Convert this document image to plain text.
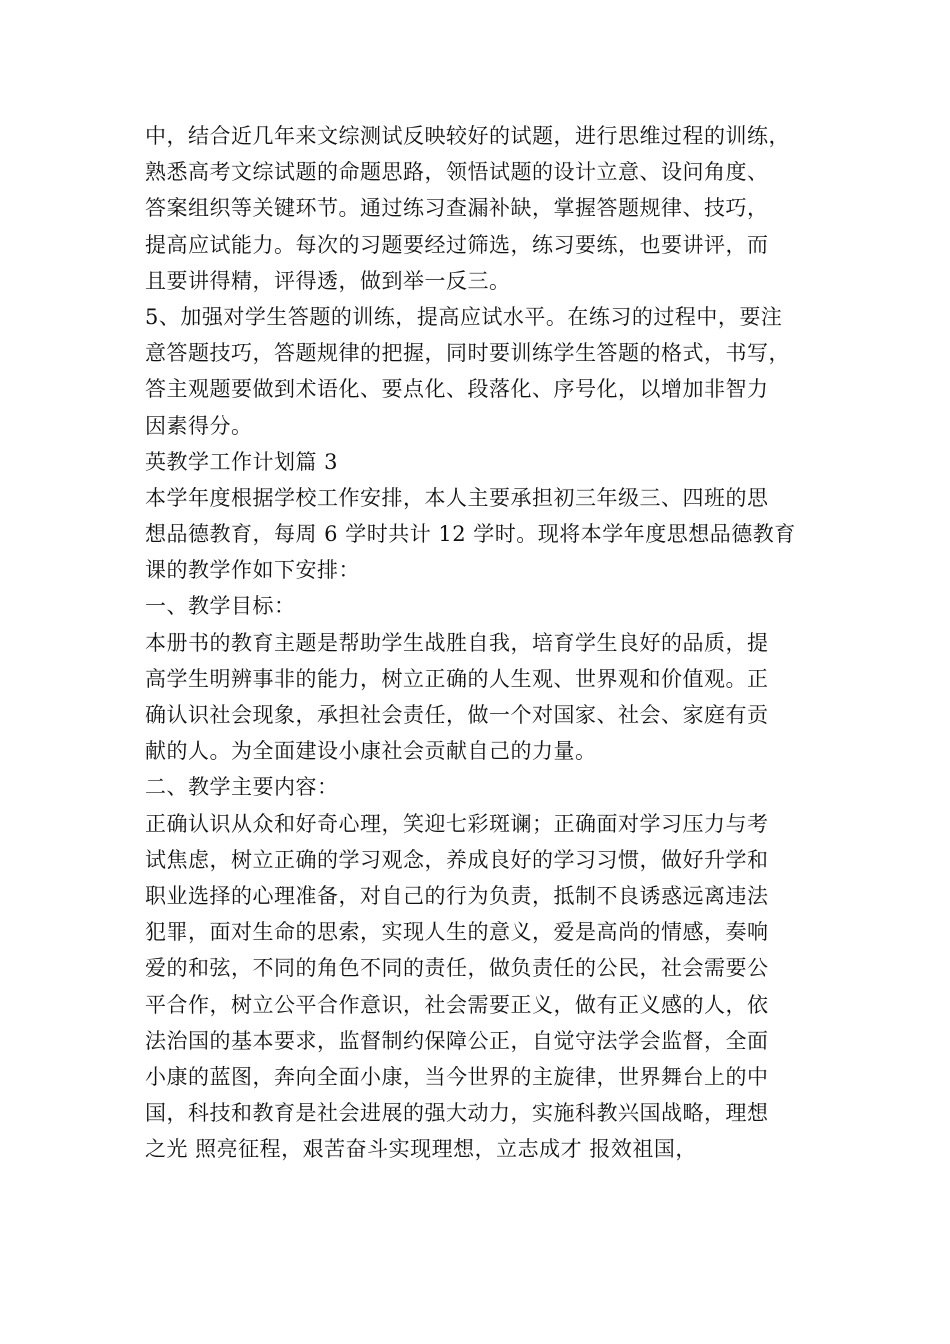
中，结合近几年来文综测试反映较好的试题，进行思维过程的训练，
熟悉高考文综试题的命题思路，领悟试题的设计立意、设问角度、
答案组织等关键环节。通过练习查漏补缺，掌握答题规律、技巧，
提高应试能力。每次的习题要经过筛选，练习要练，也要讲评，而
且要讲得精，评得透，做到举一反三。
5、加强对学生答题的训练，提高应试水平。在练习的过程中，要注
意答题技巧，答题规律的把握，同时要训练学生答题的格式，书写，
答主观题要做到术语化、要点化、段落化、序号化，以增加非智力
因素得分。
英教学工作计划篇 3
本学年度根据学校工作安排，本人主要承担初三年级三、四班的思
想品德教育，每周 6 学时共计 12 学时。现将本学年度思想品德教育
课的教学作如下安排：
一、教学目标：
本册书的教育主题是帮助学生战胜自我，培育学生良好的品质，提
高学生明辨事非的能力，树立正确的人生观、世界观和价值观。正
确认识社会现象，承担社会责任，做一个对国家、社会、家庭有贡
献的人。为全面建设小康社会贡献自己的力量。
二、教学主要内容：
正确认识从众和好奇心理，笑迎七彩斑谰；正确面对学习压力与考
试焦虑，树立正确的学习观念，养成良好的学习习惯，做好升学和
职业选择的心理准备，对自己的行为负责，抵制不良诱惑远离违法
犯罪，面对生命的思索，实现人生的意义，爱是高尚的情感，奏响
爱的和弦，不同的角色不同的责任，做负责任的公民，社会需要公
平合作，树立公平合作意识，社会需要正义，做有正义感的人，依
法治国的基本要求，监督制约保障公正，自觉守法学会监督，全面
小康的蓝图，奔向全面小康，当今世界的主旋律，世界舞台上的中
国，科技和教育是社会进展的强大动力，实施科教兴国战略，理想
之光 照亮征程，艰苦奋斗实现理想，立志成才 报效祖国，
